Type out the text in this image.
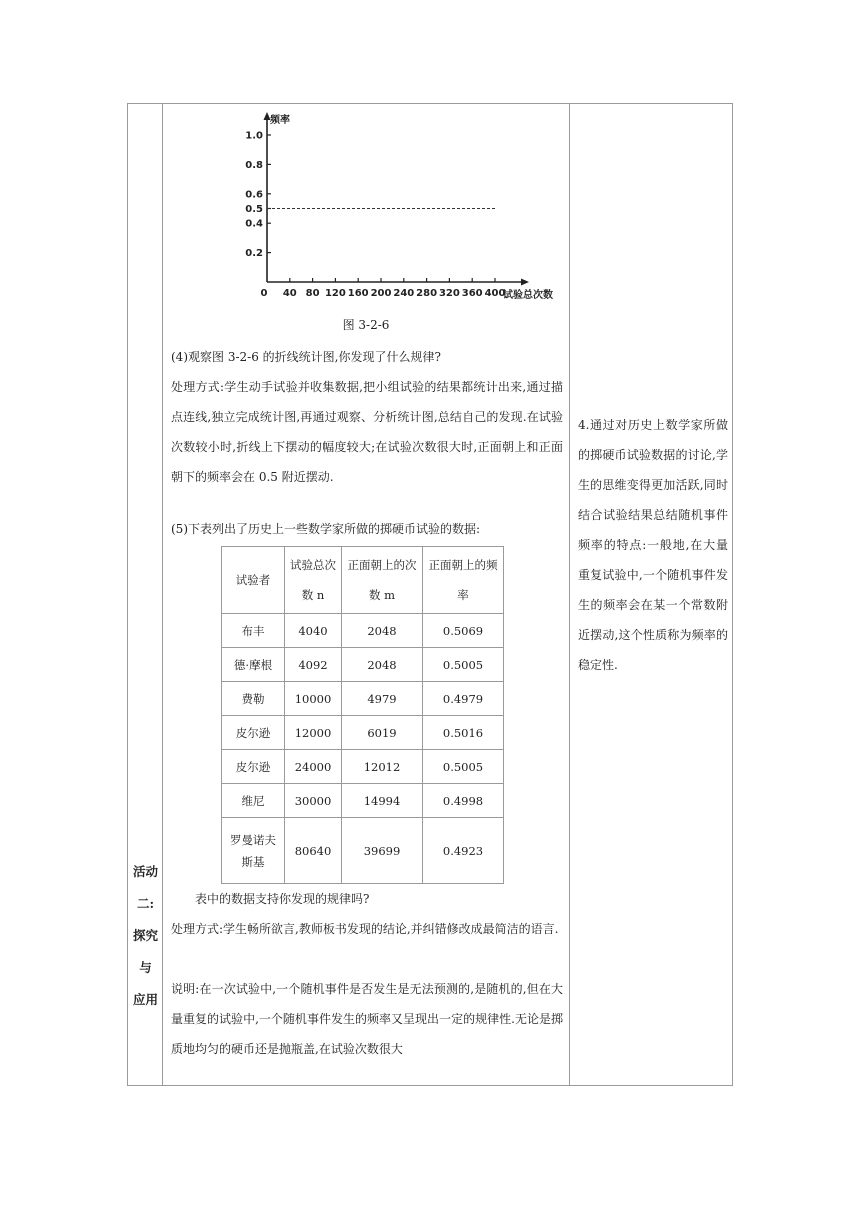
活动
二:
探究
与
应用
频率
试验总次数
1.0
0.8
0.6
0.5
0.4
0.2
0 40 80 120 160 200 240 280 320 360 400
图 3-2-6
(4)观察图 3-2-6 的折线统计图,你发现了什么规律?
处理方式:学生动手试验并收集数据,把小组试验的结果都统计出来,通过描点连线,独立完成统计图,再通过观察、分析统计图,总结自己的发现.在试验次数较小时,折线上下摆动的幅度较大;在试验次数很大时,正面朝上和正面朝下的频率会在 0.5 附近摆动.
(5)下表列出了历史上一些数学家所做的掷硬币试验的数据:
试验者	试验总次数 n	正面朝上的次数 m	正面朝上的频率
布丰	4040	2048	0.5069
德·摩根	4092	2048	0.5005
费勒	10000	4979	0.4979
皮尔逊	12000	6019	0.5016
皮尔逊	24000	12012	0.5005
维尼	30000	14994	0.4998
罗曼诺夫斯基	80640	39699	0.4923
表中的数据支持你发现的规律吗?
处理方式:学生畅所欲言,教师板书发现的结论,并纠错修改成最简洁的语言.
说明:在一次试验中,一个随机事件是否发生是无法预测的,是随机的,但在大量重复的试验中,一个随机事件发生的频率又呈现出一定的规律性.无论是掷质地均匀的硬币还是抛瓶盖,在试验次数很大
4.通过对历史上数学家所做的掷硬币试验数据的讨论,学生的思维变得更加活跃,同时结合试验结果总结随机事件频率的特点:一般地,在大量重复试验中,一个随机事件发生的频率会在某一个常数附近摆动,这个性质称为频率的稳定性.
